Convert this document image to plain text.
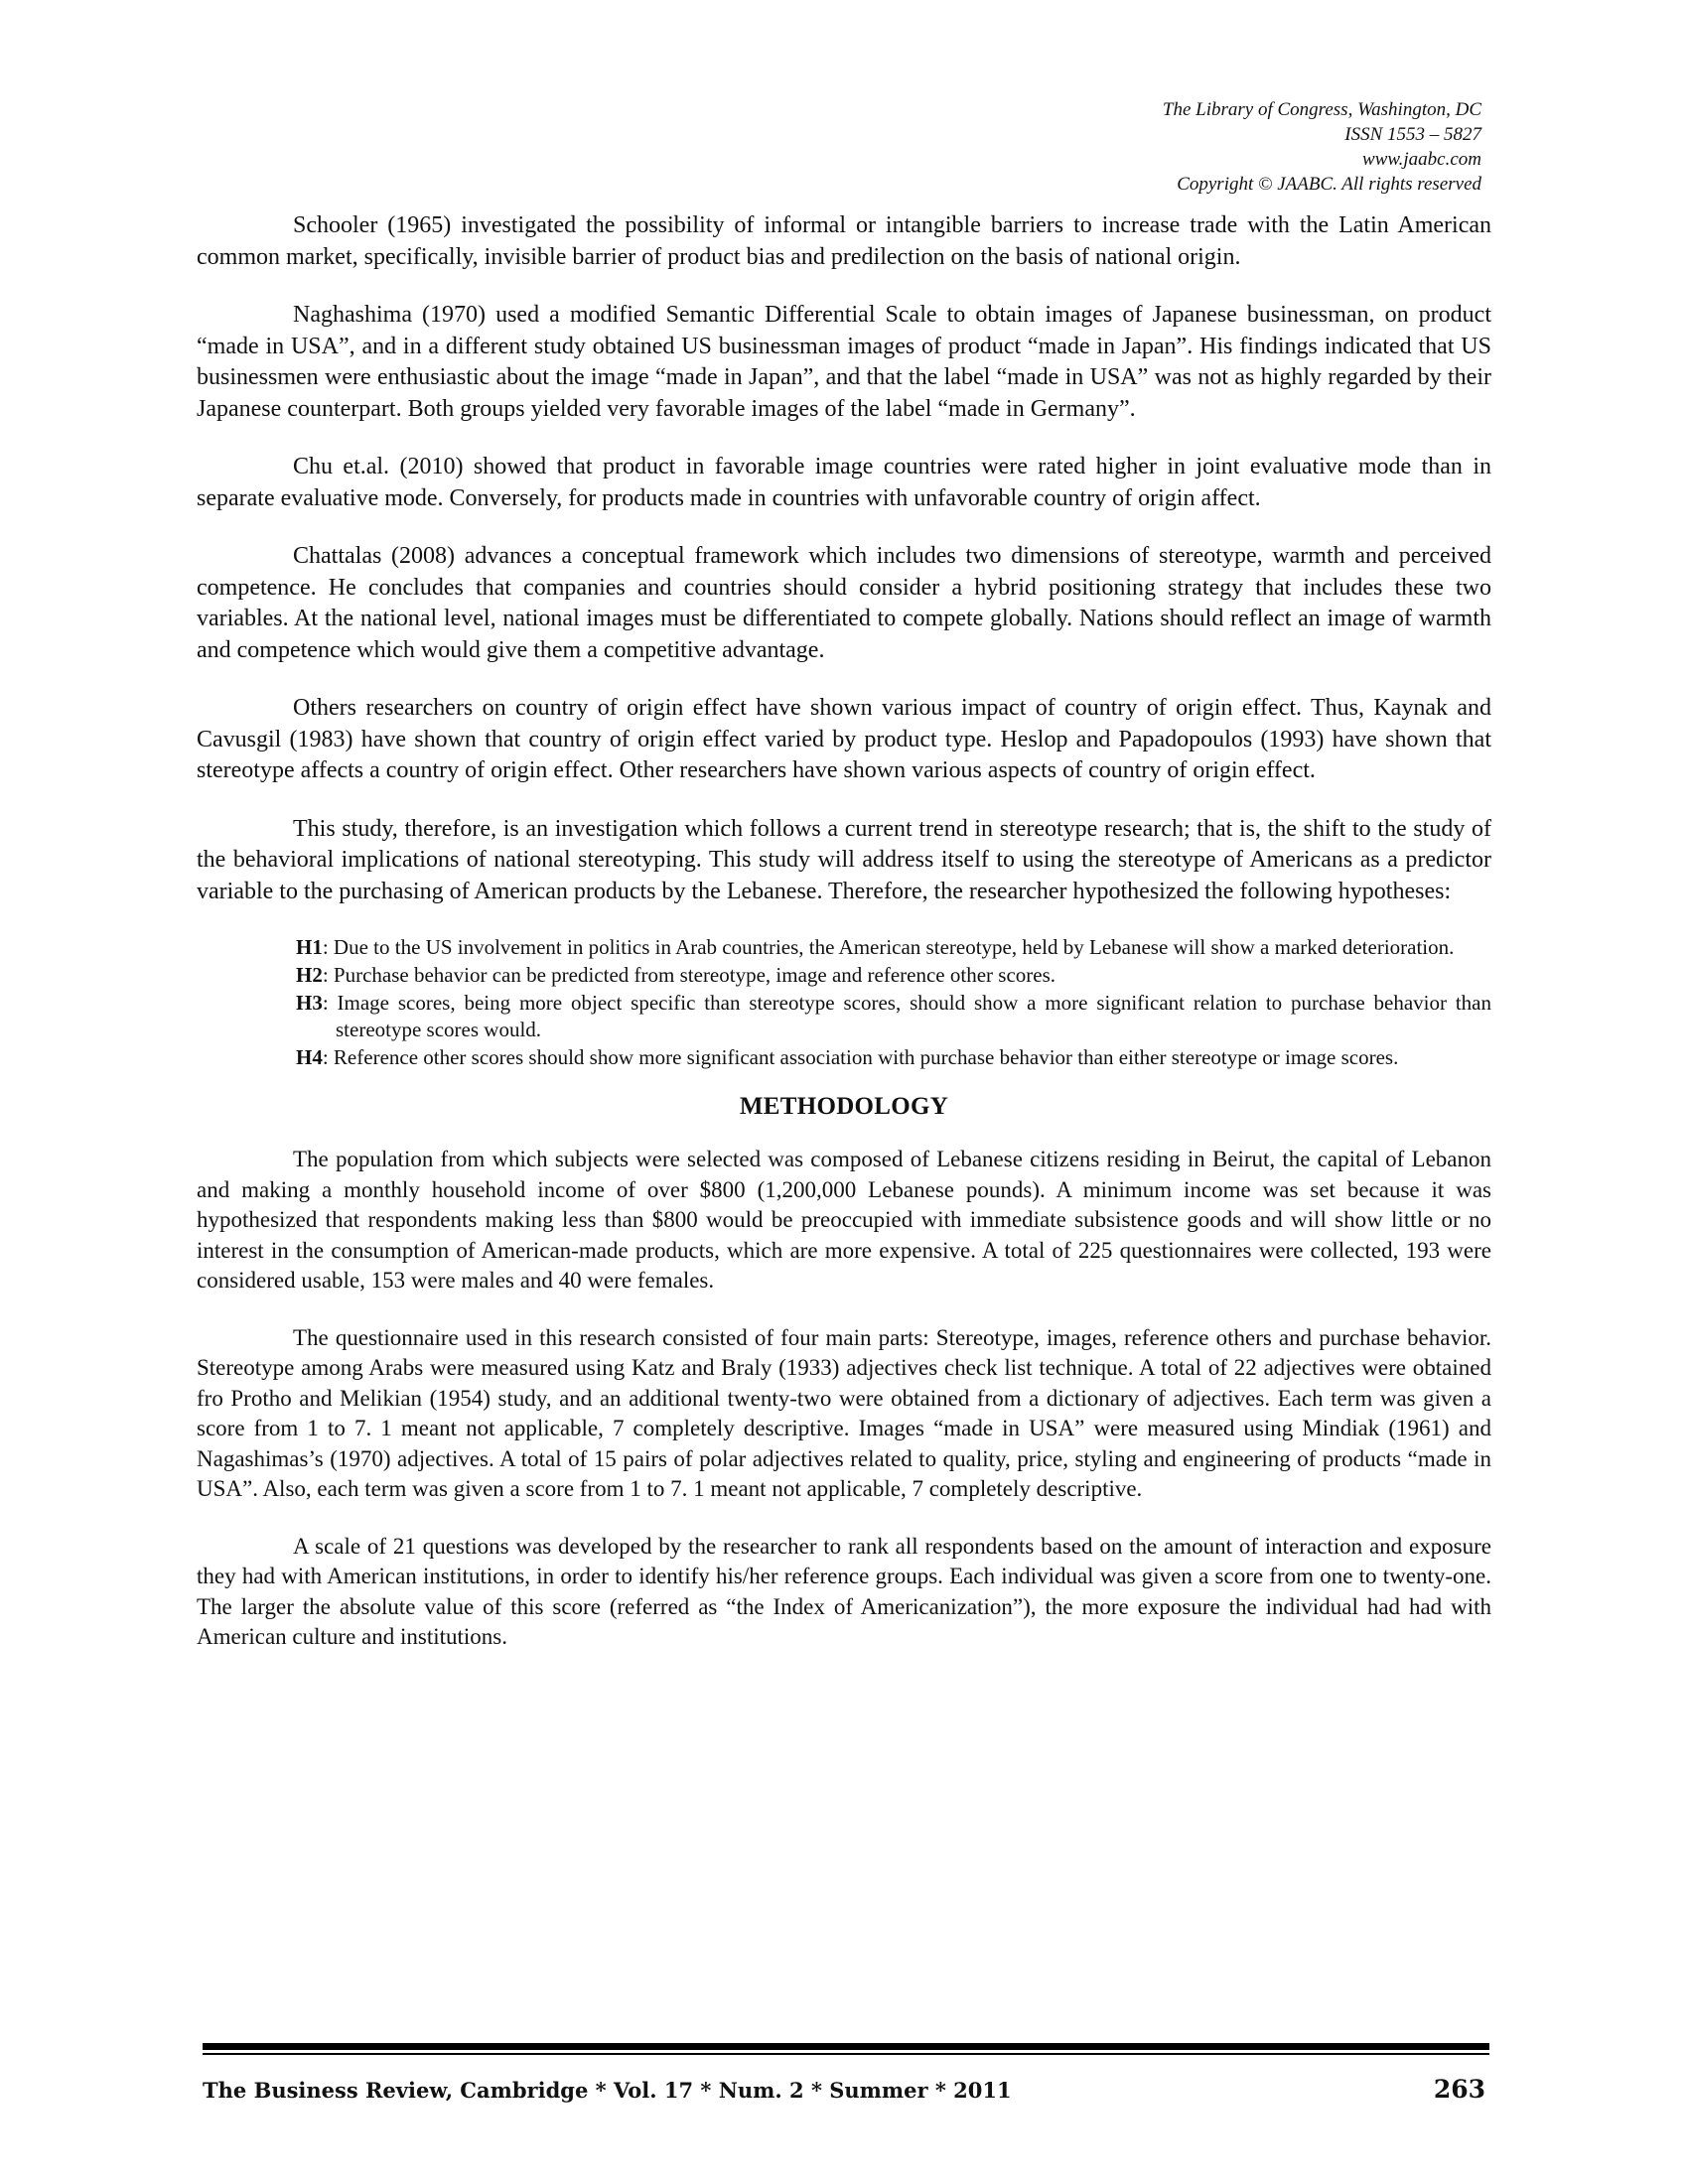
The Library of Congress, Washington, DC
ISSN 1553 – 5827
www.jaabc.com
Copyright © JAABC. All rights reserved

Schooler (1965) investigated the possibility of informal or intangible barriers to increase trade with the Latin American common market, specifically, invisible barrier of product bias and predilection on the basis of national origin.

Naghashima (1970) used a modified Semantic Differential Scale to obtain images of Japanese businessman, on product “made in USA”, and in a different study obtained US businessman images of product “made in Japan”. His findings indicated that US businessmen were enthusiastic about the image “made in Japan”, and that the label “made in USA” was not as highly regarded by their Japanese counterpart. Both groups yielded very favorable images of the label “made in Germany”.

Chu et.al. (2010) showed that product in favorable image countries were rated higher in joint evaluative mode than in separate evaluative mode. Conversely, for products made in countries with unfavorable country of origin affect.

Chattalas (2008) advances a conceptual framework which includes two dimensions of stereotype, warmth and perceived competence. He concludes that companies and countries should consider a hybrid positioning strategy that includes these two variables. At the national level, national images must be differentiated to compete globally. Nations should reflect an image of warmth and competence which would give them a competitive advantage.

Others researchers on country of origin effect have shown various impact of country of origin effect. Thus, Kaynak and Cavusgil (1983) have shown that country of origin effect varied by product type. Heslop and Papadopoulos (1993) have shown that stereotype affects a country of origin effect. Other researchers have shown various aspects of country of origin effect.

This study, therefore, is an investigation which follows a current trend in stereotype research; that is, the shift to the study of the behavioral implications of national stereotyping. This study will address itself to using the stereotype of Americans as a predictor variable to the purchasing of American products by the Lebanese. Therefore, the researcher hypothesized the following hypotheses:

H1: Due to the US involvement in politics in Arab countries, the American stereotype, held by Lebanese will show a marked deterioration.
H2: Purchase behavior can be predicted from stereotype, image and reference other scores.
H3: Image scores, being more object specific than stereotype scores, should show a more significant relation to purchase behavior than stereotype scores would.
H4: Reference other scores should show more significant association with purchase behavior than either stereotype or image scores.
METHODOLOGY

The population from which subjects were selected was composed of Lebanese citizens residing in Beirut, the capital of Lebanon and making a monthly household income of over $800 (1,200,000 Lebanese pounds). A minimum income was set because it was hypothesized that respondents making less than $800 would be preoccupied with immediate subsistence goods and will show little or no interest in the consumption of American-made products, which are more expensive. A total of 225 questionnaires were collected, 193 were considered usable, 153 were males and 40 were females.

The questionnaire used in this research consisted of four main parts: Stereotype, images, reference others and purchase behavior. Stereotype among Arabs were measured using Katz and Braly (1933) adjectives check list technique. A total of 22 adjectives were obtained fro Protho and Melikian (1954) study, and an additional twenty-two were obtained from a dictionary of adjectives. Each term was given a score from 1 to 7. 1 meant not applicable, 7 completely descriptive. Images “made in USA” were measured using Mindiak (1961) and Nagashimas’s (1970) adjectives. A total of 15 pairs of polar adjectives related to quality, price, styling and engineering of products “made in USA”. Also, each term was given a score from 1 to 7. 1 meant not applicable, 7 completely descriptive.

A scale of 21 questions was developed by the researcher to rank all respondents based on the amount of interaction and exposure they had with American institutions, in order to identify his/her reference groups. Each individual was given a score from one to twenty-one. The larger the absolute value of this score (referred as “the Index of Americanization”), the more exposure the individual had had with American culture and institutions.

The Business Review, Cambridge * Vol. 17 * Num. 2 * Summer * 2011	263
